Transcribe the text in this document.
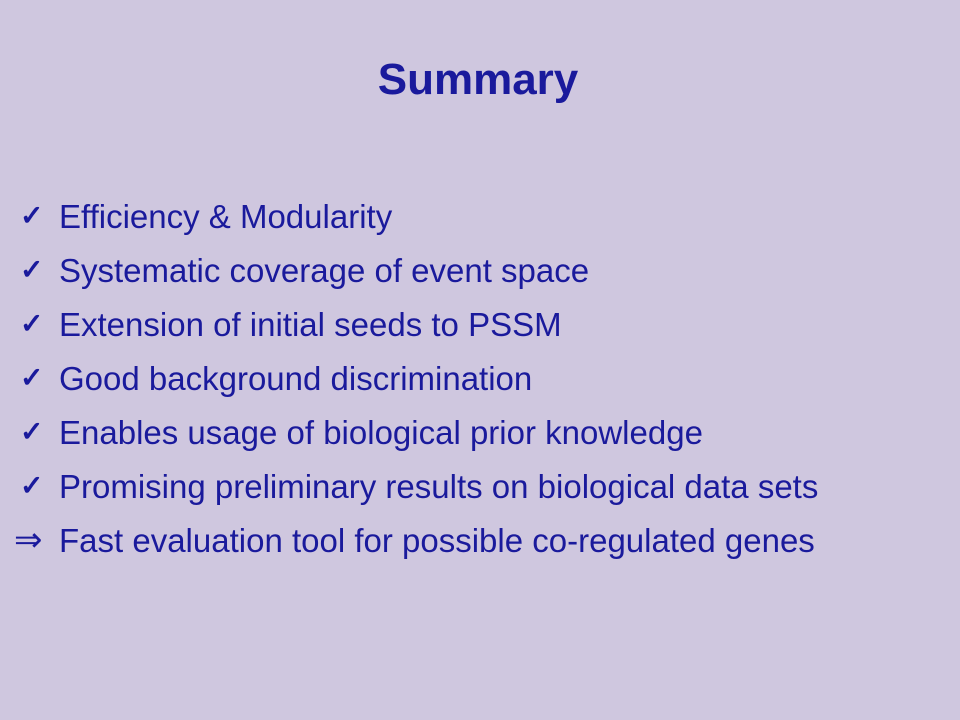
Summary
✓ Efficiency & Modularity
✓ Systematic coverage of event space
✓ Extension of initial seeds to PSSM
✓ Good background discrimination
✓ Enables usage of biological prior knowledge
✓ Promising preliminary results on biological data sets
⇒ Fast evaluation tool for possible co-regulated genes
